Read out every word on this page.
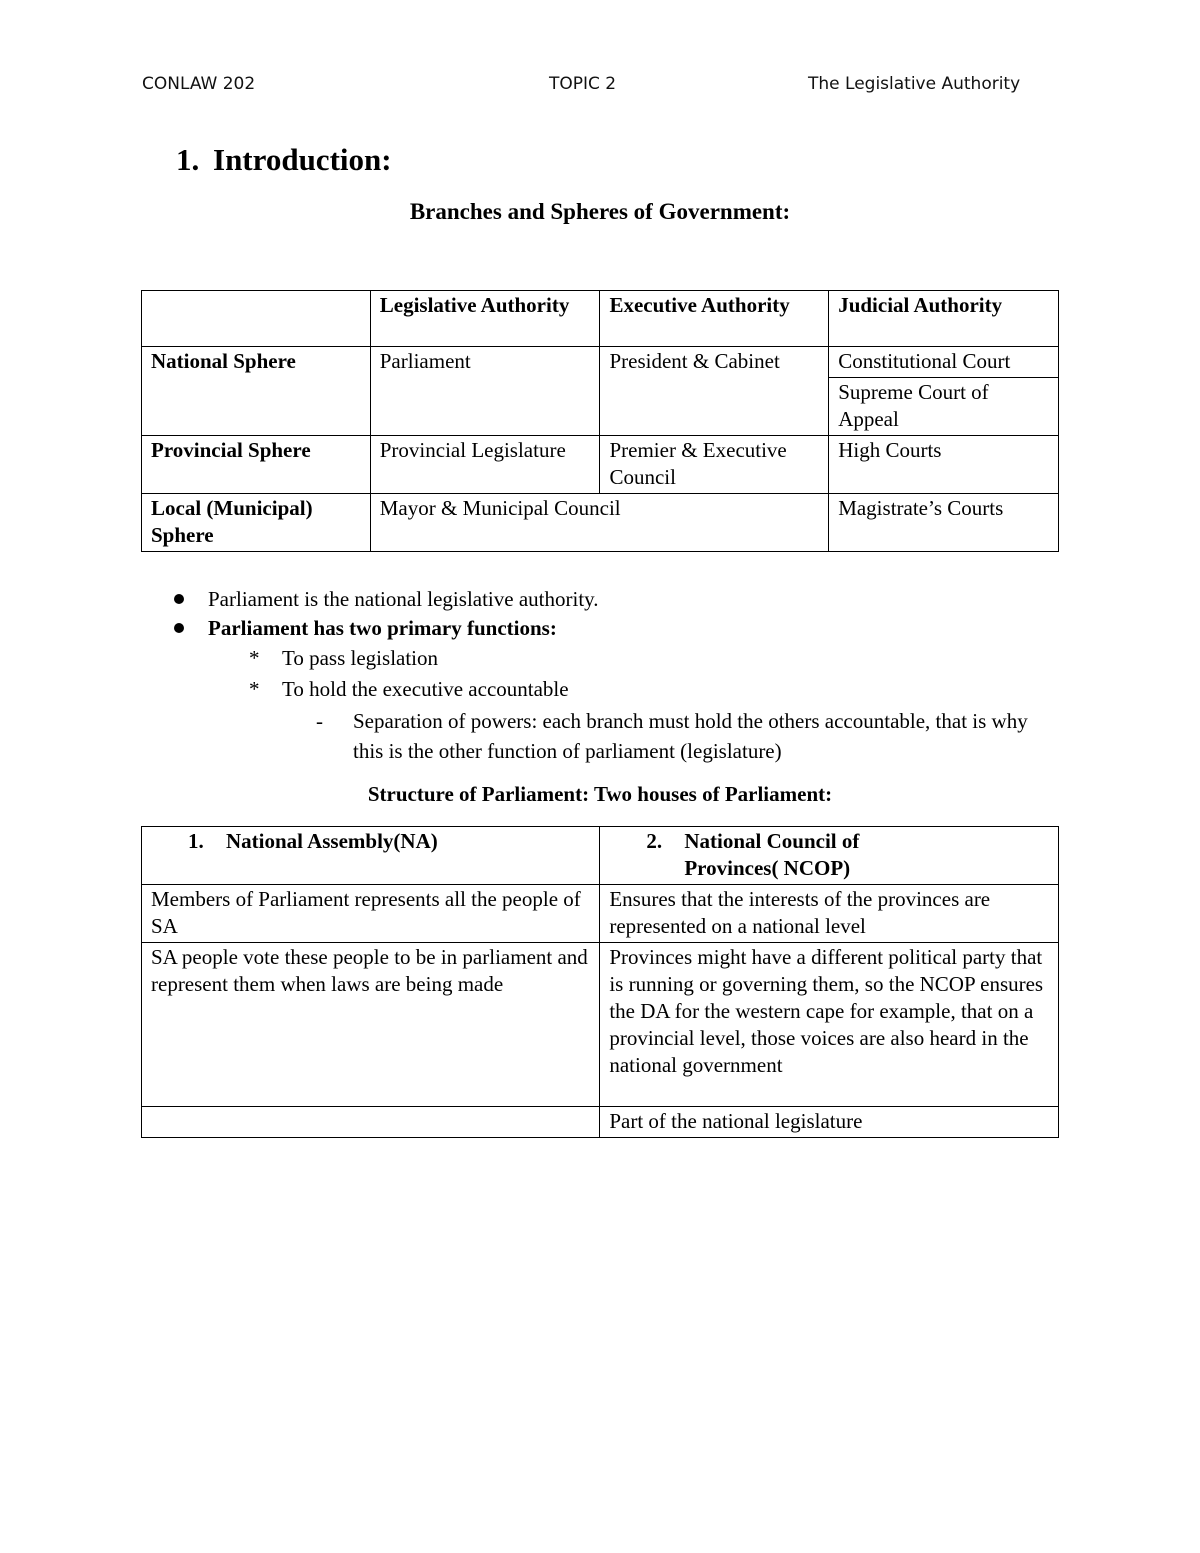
CONLAW 202	TOPIC 2	The Legislative Authority
1. Introduction:
Branches and Spheres of Government:
	Legislative Authority	Executive Authority	Judicial Authority
National Sphere	Parliament	President & Cabinet	Constitutional Court
			Supreme Court of Appeal
Provincial Sphere	Provincial Legislature	Premier & Executive Council	High Courts
Local (Municipal) Sphere	Mayor & Municipal Council		Magistrate’s Courts
Parliament is the national legislative authority.
Parliament has two primary functions:
* To pass legislation
* To hold the executive accountable
- Separation of powers: each branch must hold the others accountable, that is why this is the other function of parliament (legislature)
Structure of Parliament: Two houses of Parliament:
1. National Assembly(NA)	2. National Council of Provinces( NCOP)

Members of Parliament represents all the people of SA	Ensures that the interests of the provinces are represented on a national level
SA people vote these people to be in parliament and represent them when laws are being made	Provinces might have a different political party that is running or governing them, so the NCOP ensures the DA for the western cape for example, that on a provincial level, those voices are also heard in the national government
	Part of the national legislature
